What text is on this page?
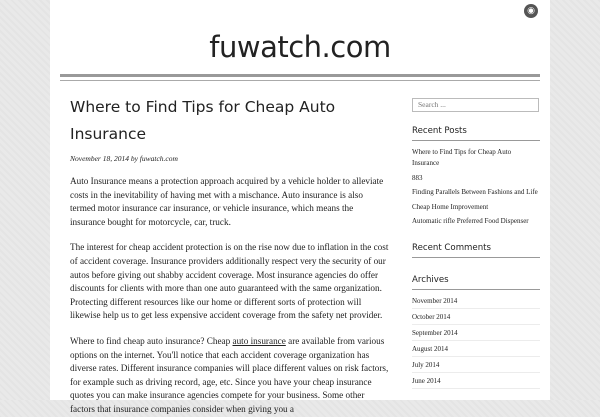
◉
fuwatch.com
Where to Find Tips for Cheap Auto Insurance
November 18, 2014 by fuwatch.com

Auto Insurance means a protection approach acquired by a vehicle holder to alleviate costs in the inevitability of having met with a mischance. Auto insurance is also termed motor insurance car insurance, or vehicle insurance, which means the insurance bought for motorcycle, car, truck.

The interest for cheap accident protection is on the rise now due to inflation in the cost of accident coverage. Insurance providers additionally respect very the security of our autos before giving out shabby accident coverage. Most insurance agencies do offer discounts for clients with more than one auto guaranteed with the same organization. Protecting different resources like our home or different sorts of protection will likewise help us to get less expensive accident coverage from the safety net provider.

Where to find cheap auto insurance? Cheap auto insurance are available from various options on the internet. You'll notice that each accident coverage organization has diverse rates. Different insurance companies will place different values on risk factors, for example such as driving record, age, etc. Since you have your cheap insurance quotes you can make insurance agencies compete for your business. Some other factors that insurance companies consider when giving you a

Search ...
Recent Posts
Where to Find Tips for Cheap Auto Insurance
883
Finding Parallels Between Fashions and Life
Cheap Home Improvement
Automatic rifle Preferred Food Dispenser
Recent Comments
Archives
November 2014
October 2014
September 2014
August 2014
July 2014
June 2014
